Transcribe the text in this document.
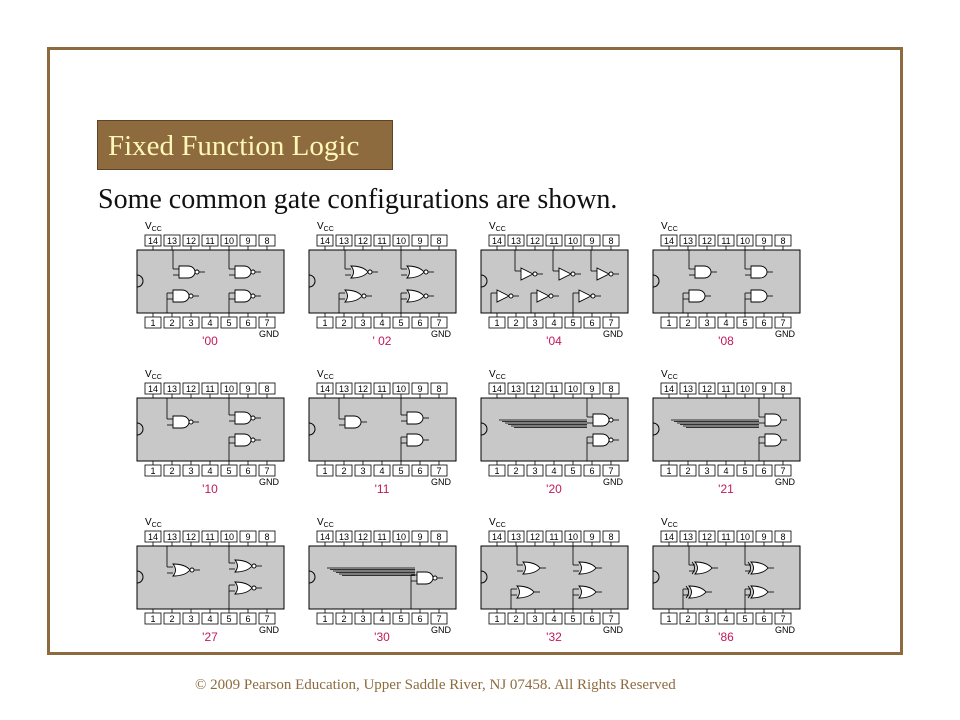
Fixed Function Logic
Some common gate configurations are shown.
$V_{CC}$
14 13 12 11 10 9 8
1 2 3 4 5 6 7
GND
'00
$V_{CC}$
14 13 12 11 10 9 8
1 2 3 4 5 6 7
GND
' 02
$V_{CC}$
14 13 12 11 10 9 8
1 2 3 4 5 6 7
GND
'04
$V_{CC}$
14 13 12 11 10 9 8
1 2 3 4 5 6 7
GND
'08
$V_{CC}$
14 13 12 11 10 9 8
1 2 3 4 5 6 7
GND
'10
$V_{CC}$
14 13 12 11 10 9 8
1 2 3 4 5 6 7
GND
'11
$V_{CC}$
14 13 12 11 10 9 8
1 2 3 4 5 6 7
GND
'20
$V_{CC}$
14 13 12 11 10 9 8
1 2 3 4 5 6 7
GND
'21
$V_{CC}$
14 13 12 11 10 9 8
1 2 3 4 5 6 7
GND
'27
$V_{CC}$
14 13 12 11 10 9 8
1 2 3 4 5 6 7
GND
'30
$V_{CC}$
14 13 12 11 10 9 8
1 2 3 4 5 6 7
GND
'32
$V_{CC}$
14 13 12 11 10 9 8
1 2 3 4 5 6 7
GND
'86
© 2009 Pearson Education, Upper Saddle River, NJ 07458. All Rights Reserved
